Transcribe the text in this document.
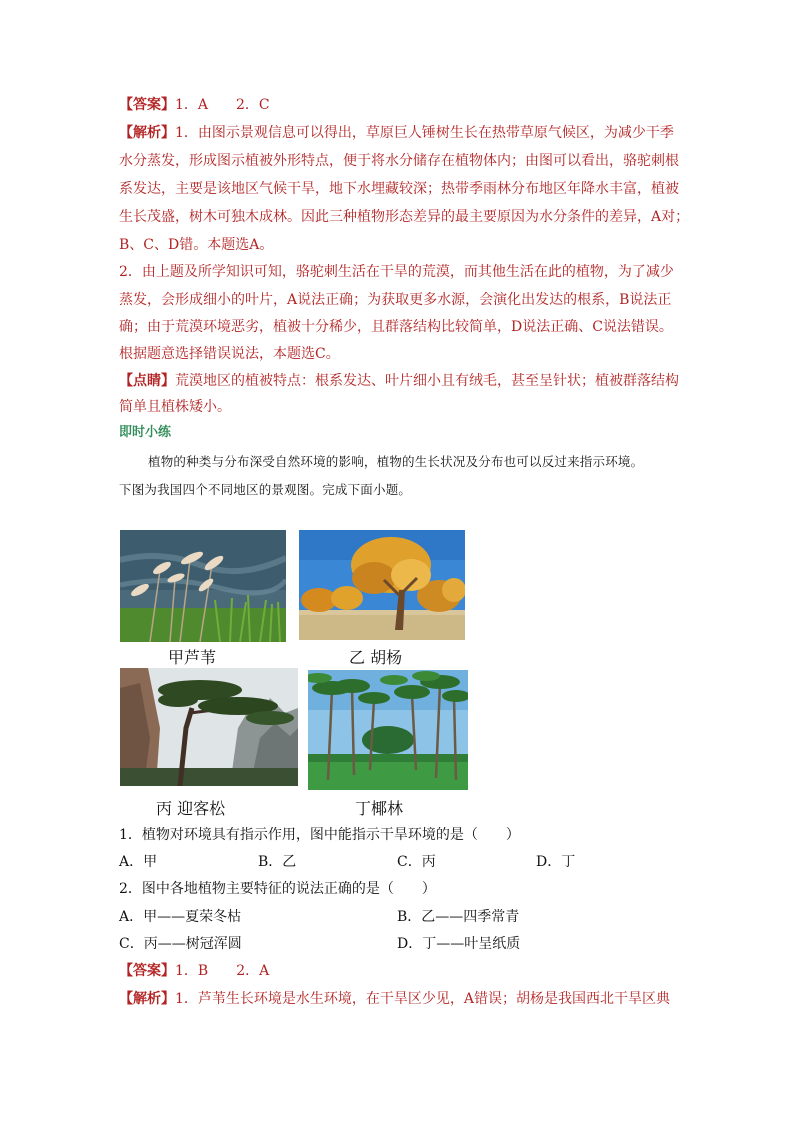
【答案】1．A　　2．C
【解析】1．由图示景观信息可以得出，草原巨人锤树生长在热带草原气候区，为减少干季
水分蒸发，形成图示植被外形特点，便于将水分储存在植物体内；由图可以看出，骆驼刺根
系发达，主要是该地区气候干旱，地下水埋藏较深；热带季雨林分布地区年降水丰富，植被
生长茂盛，树木可独木成林。因此三种植物形态差异的最主要原因为水分条件的差异，A对；
B、C、D错。本题选A。
2．由上题及所学知识可知，骆驼刺生活在干旱的荒漠，而其他生活在此的植物，为了减少
蒸发，会形成细小的叶片，A说法正确；为获取更多水源，会演化出发达的根系，B说法正
确；由于荒漠环境恶劣，植被十分稀少，且群落结构比较简单，D说法正确、C说法错误。
根据题意选择错误说法，本题选C。
【点睛】荒漠地区的植被特点：根系发达、叶片细小且有绒毛，甚至呈针状；植被群落结构
简单且植株矮小。
即时小练
植物的种类与分布深受自然环境的影响，植物的生长状况及分布也可以反过来指示环境。
下图为我国四个不同地区的景观图。完成下面小题。
甲芦苇	乙 胡杨
丙 迎客松	丁椰林
1．植物对环境具有指示作用，图中能指示干旱环境的是（　　）
A．甲	B．乙	C．丙	D．丁
2．图中各地植物主要特征的说法正确的是（　　）
A．甲——夏荣冬枯	B．乙——四季常青
C．丙——树冠浑圆	D．丁——叶呈纸质
【答案】1．B　　2．A
【解析】1．芦苇生长环境是水生环境，在干旱区少见，A错误；胡杨是我国西北干旱区典
